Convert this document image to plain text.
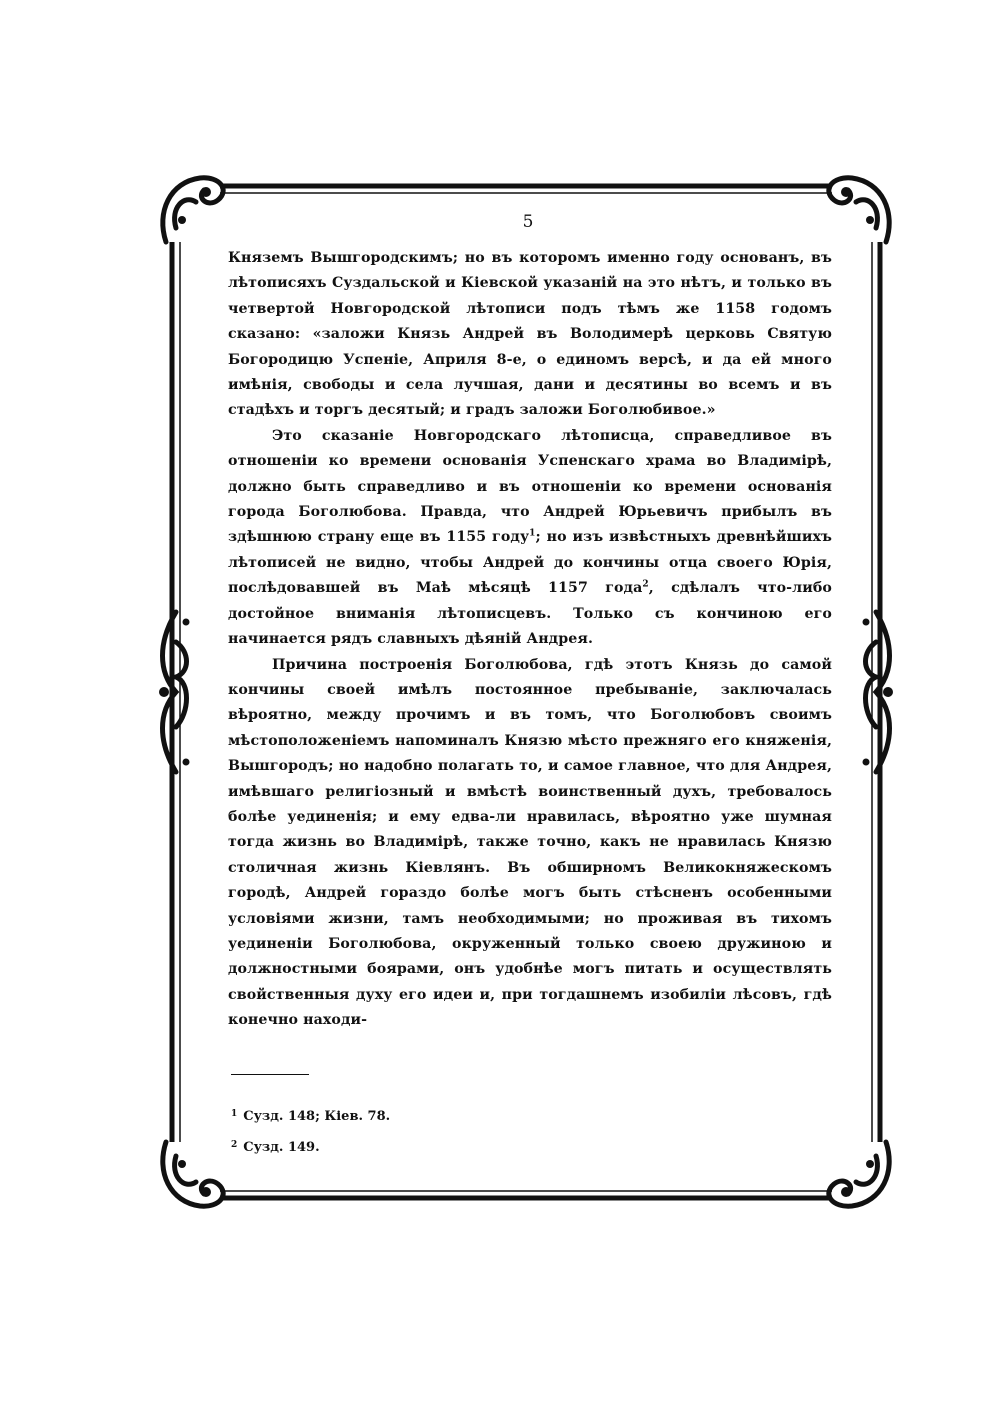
5

Княземъ Вышгородскимъ; но въ которомъ именно году основанъ, въ лѣтописяхъ Суздальской и Кіевской указаній на это нѣтъ, и только въ четвертой Новгородской лѣтописи подъ тѣмъ же 1158 годомъ сказано: «заложи Князь Андрей въ Володимерѣ церковь Святую Богородицю Успеніе, Априля 8-е, о единомъ версѣ, и да ей много имѣнія, свободы и села лучшая, дани и десятины во всемъ и въ стадѣхъ и торгъ десятый; и градъ заложи Боголюбивое.»

Это сказаніе Новгородскаго лѣтописца, справедливое въ отношеніи ко времени основанія Успенскаго храма во Владимірѣ, должно быть справедливо и въ отношеніи ко времени основанія города Боголюбова. Правда, что Андрей Юрьевичъ прибылъ въ здѣшнюю страну еще въ 1155 году$^1$; но изъ извѣстныхъ древнѣйшихъ лѣтописей не видно, чтобы Андрей до кончины отца своего Юрія, послѣдовавшей въ Маѣ мѣсяцѣ 1157 года$^2$, сдѣлалъ что-либо достойное вниманія лѣтописцевъ. Только съ кончиною его начинается рядъ славныхъ дѣяній Андрея.

Причина построенія Боголюбова, гдѣ этотъ Князь до самой кончины своей имѣлъ постоянное пребываніе, заключалась вѣроятно, между прочимъ и въ томъ, что Боголюбовъ своимъ мѣстоположеніемъ напоминалъ Князю мѣсто прежняго его княженія, Вышгородъ; но надобно полагать то, и самое главное, что для Андрея, имѣвшаго религіозный и вмѣстѣ воинственный духъ, требовалось болѣе уединенія; и ему едва-ли нравилась, вѣроятно уже шумная тогда жизнь во Владимірѣ, также точно, какъ не нравилась Князю столичная жизнь Кіевлянъ. Въ обширномъ Великокняжескомъ городѣ, Андрей гораздо болѣе могъ быть стѣсненъ особенными условіями жизни, тамъ необходимыми; но проживая въ тихомъ уединеніи Боголюбова, окруженный только своею дружиною и должностными боярами, онъ удобнѣе могъ питать и осуществлять свойственныя духу его идеи и, при тогдашнемъ изобиліи лѣсовъ, гдѣ конечно находи-

$^1$ Сузд. 148; Кіев. 78.
$^2$ Сузд. 149.
